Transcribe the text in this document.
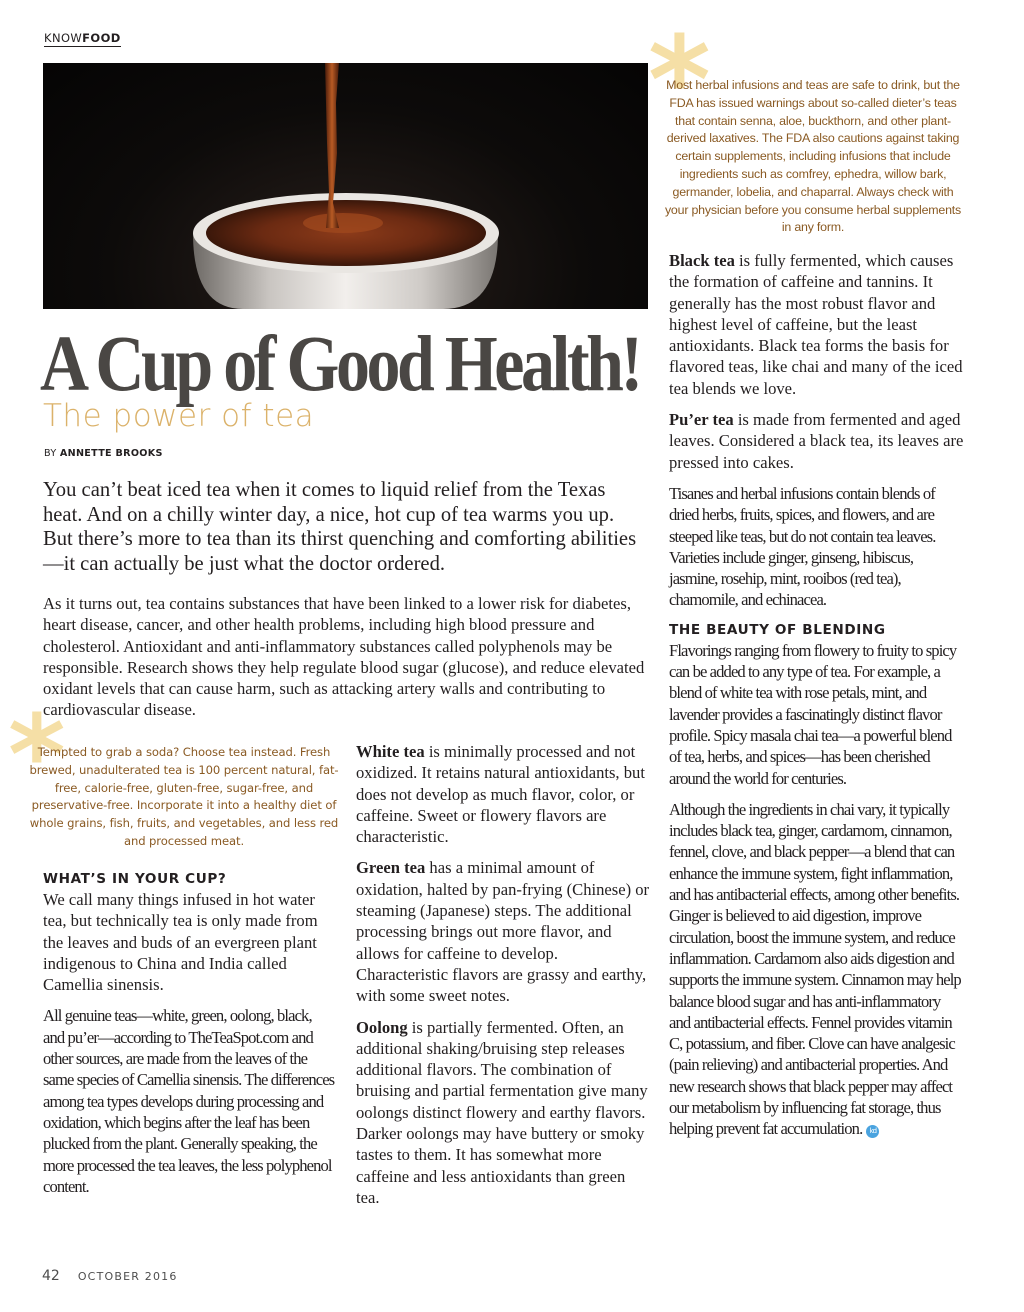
KNOWFOOD	*
Most herbal infusions and teas are safe to drink, but the FDA has issued warnings about so-called dieter’s teas that contain senna, aloe, buckthorn, and other plant-derived laxatives. The FDA also cautions against taking certain supplements, including infusions that include ingredients such as comfrey, ephedra, willow bark, germander, lobelia, and chaparral. Always check with your physician before you consume herbal supplements in any form.
A Cup of Good Health!
The power of tea
BY ANNETTE BROOKS

You can’t beat iced tea when it comes to liquid relief from the Texas heat. And on a chilly winter day, a nice, hot cup of tea warms you up. But there’s more to tea than its thirst quenching and comforting abilities—it can actually be just what the doctor ordered.

As it turns out, tea contains substances that have been linked to a lower risk for diabetes, heart disease, cancer, and other health problems, including high blood pressure and cholesterol. Antioxidant and anti-inflammatory substances called polyphenols may be responsible. Research shows they help regulate blood sugar (glucose), and reduce elevated oxidant levels that can cause harm, such as attacking artery walls and contributing to cardiovascular disease.

*
Tempted to grab a soda? Choose tea instead. Fresh brewed, unadulterated tea is 100 percent natural, fat-free, calorie-free, gluten-free, sugar-free, and preservative-free. Incorporate it into a healthy diet of whole grains, fish, fruits, and vegetables, and less red and processed meat.
WHAT’S IN YOUR CUP?

We call many things infused in hot water tea, but technically tea is only made from the leaves and buds of an evergreen plant indigenous to China and India called Camellia sinensis.

All genuine teas—white, green, oolong, black, and pu’er—according to TheTeaSpot.com and other sources, are made from the leaves of the same species of Camellia sinensis. The differences among tea types develops during processing and oxidation, which begins after the leaf has been plucked from the plant. Generally speaking, the more processed the tea leaves, the less polyphenol content.

White tea is minimally processed and not oxidized. It retains natural antioxidants, but does not develop as much flavor, color, or caffeine. Sweet or flowery flavors are characteristic.

Green tea has a minimal amount of oxidation, halted by pan-frying (Chinese) or steaming (Japanese) steps. The additional processing brings out more flavor, and allows for caffeine to develop. Characteristic flavors are grassy and earthy, with some sweet notes.

Oolong is partially fermented. Often, an additional shaking/bruising step releases additional flavors. The combination of bruising and partial fermentation give many oolongs distinct flowery and earthy flavors. Darker oolongs may have buttery or smoky tastes to them. It has somewhat more caffeine and less antioxidants than green tea.

Black tea is fully fermented, which causes the formation of caffeine and tannins. It generally has the most robust flavor and highest level of caffeine, but the least antioxidants. Black tea forms the basis for flavored teas, like chai and many of the iced tea blends we love.

Pu’er tea is made from fermented and aged leaves. Considered a black tea, its leaves are pressed into cakes.

Tisanes and herbal infusions contain blends of dried herbs, fruits, spices, and flowers, and are steeped like teas, but do not contain tea leaves. Varieties include ginger, ginseng, hibiscus, jasmine, rosehip, mint, rooibos (red tea), chamomile, and echinacea.

THE BEAUTY OF BLENDING

Flavorings ranging from flowery to fruity to spicy can be added to any type of tea. For example, a blend of white tea with rose petals, mint, and lavender provides a fascinatingly distinct flavor profile. Spicy masala chai tea—a powerful blend of tea, herbs, and spices—has been cherished around the world for centuries.

Although the ingredients in chai vary, it typically includes black tea, ginger, cardamom, cinnamon, fennel, clove, and black pepper—a blend that can enhance the immune system, fight inflammation, and has antibacterial effects, among other benefits. Ginger is believed to aid digestion, improve circulation, boost the immune system, and reduce inflammation. Cardamom also aids digestion and supports the immune system. Cinnamon may help balance blood sugar and has anti-inflammatory and antibacterial effects. Fennel provides vitamin C, potassium, and fiber. Clove can have analgesic (pain relieving) and antibacterial properties. And new research shows that black pepper may affect our metabolism by influencing fat storage, thus helping prevent fat accumulation. kd

42 OCTOBER 2016
